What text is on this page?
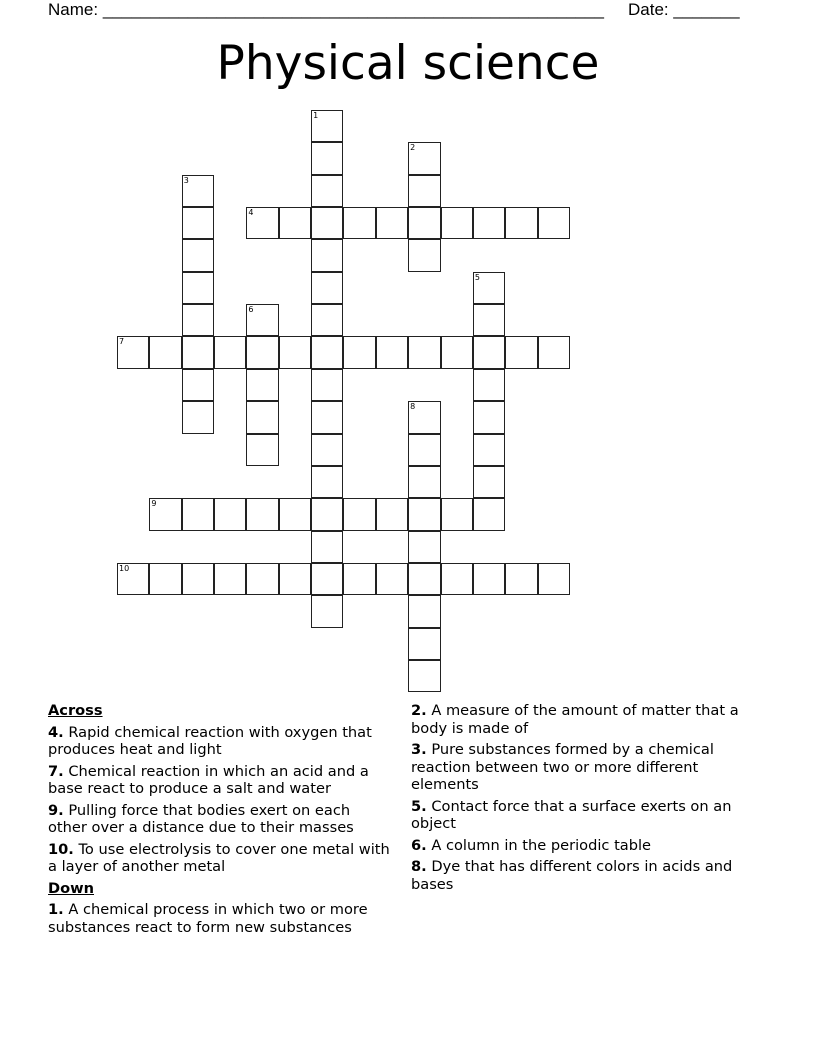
Name: _____________________________________________________ Date: _______
Physical science
1
2
3
4
5
6
7
8
9
10
Across
4. Rapid chemical reaction with oxygen that produces heat and light
7. Chemical reaction in which an acid and a base react to produce a salt and water
9. Pulling force that bodies exert on each other over a distance due to their masses
10. To use electrolysis to cover one metal with a layer of another metal
Down
1. A chemical process in which two or more substances react to form new substances
2. A measure of the amount of matter that a body is made of
3. Pure substances formed by a chemical reaction between two or more different elements
5. Contact force that a surface exerts on an object
6. A column in the periodic table
8. Dye that has different colors in acids and bases
